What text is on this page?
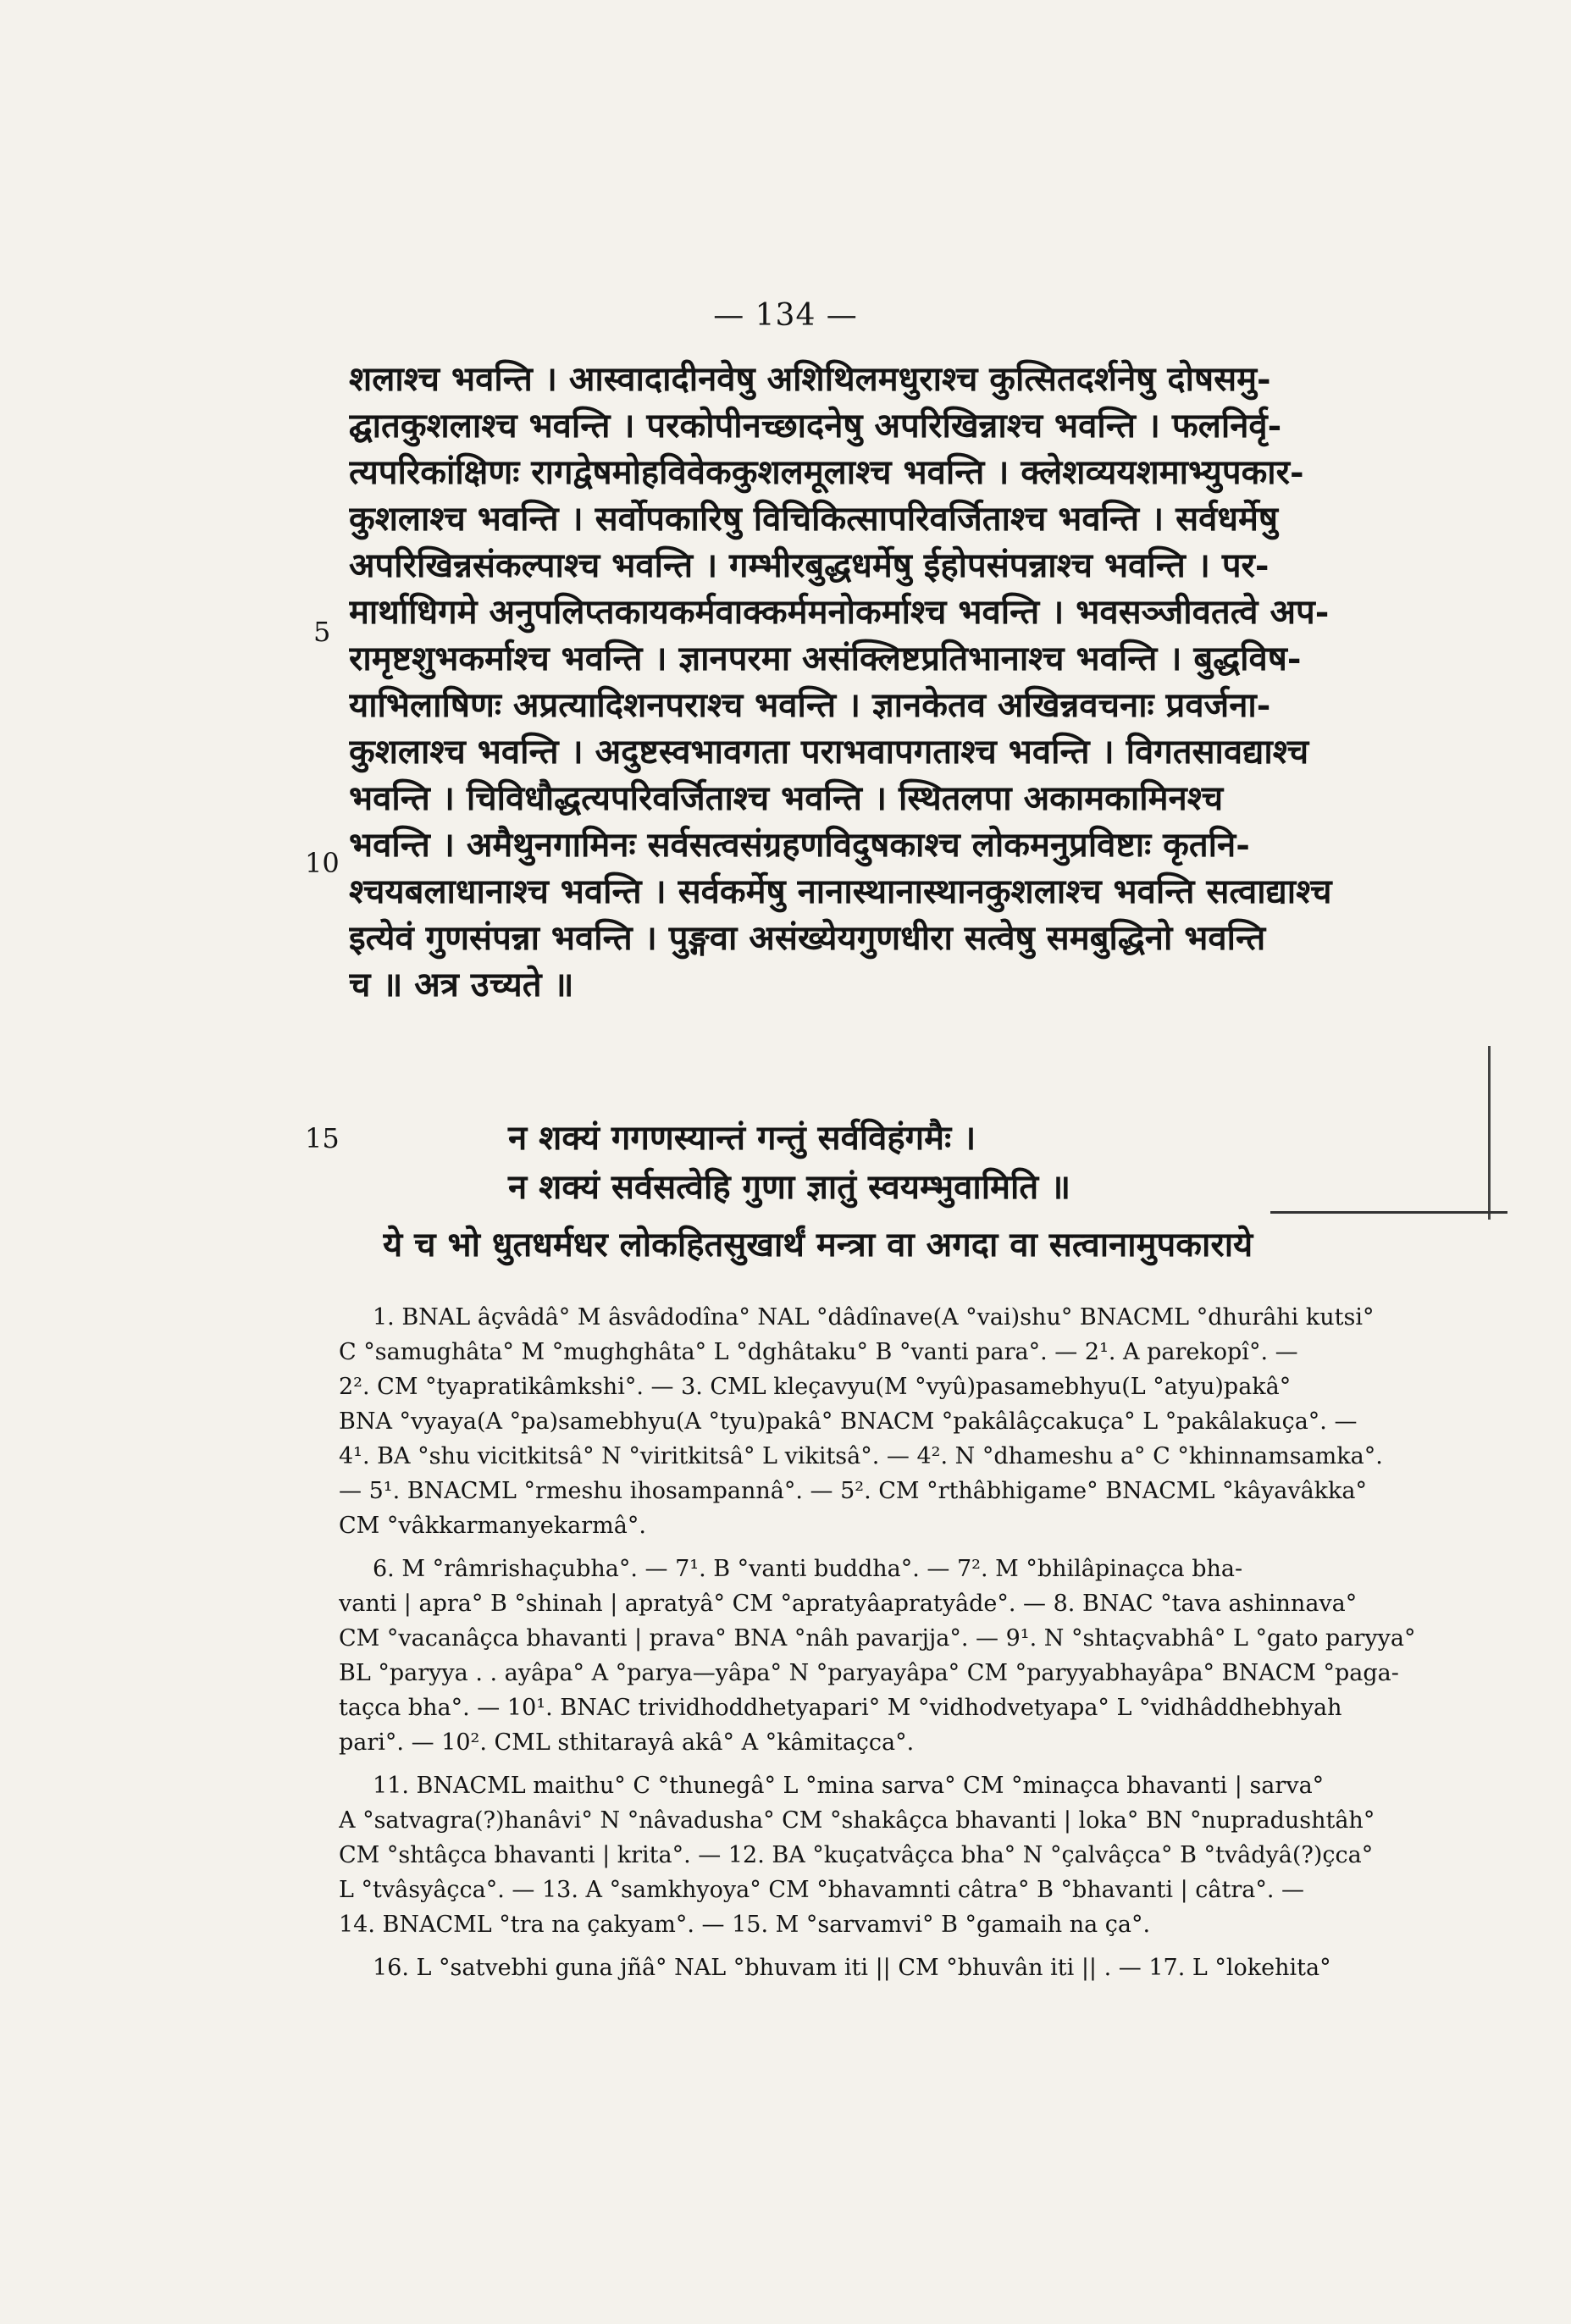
— 134 —
शलाश्च भवन्ति । आस्वादादीनवेषु अशिथिलमधुराश्च कुत्सितदर्शनेषु दोषसमु-
द्घातकुशलाश्च भवन्ति । परकोपीनच्छादनेषु अपरिखिन्नाश्च भवन्ति । फलनिर्वृ-
त्यपरिकांक्षिणः रागद्वेषमोहविवेककुशलमूलाश्च भवन्ति । क्लेशव्ययशमाभ्युपकार-
कुशलाश्च भवन्ति । सर्वोपकारिषु विचिकित्सापरिवर्जिताश्च भवन्ति । सर्वधर्मेषु
अपरिखिन्नसंकल्पाश्च भवन्ति । गम्भीरबुद्धधर्मेषु ईहोपसंपन्नाश्च भवन्ति । पर-
मार्थाधिगमे अनुपलिप्तकायकर्मवाक्कर्ममनोकर्माश्च भवन्ति । भवसञ्जीवतत्वे अप-
रामृष्टशुभकर्माश्च भवन्ति । ज्ञानपरमा असंक्लिष्टप्रतिभानाश्च भवन्ति । बुद्धविष-
याभिलाषिणः अप्रत्यादिशनपराश्च भवन्ति । ज्ञानकेतव अखिन्नवचनाः प्रवर्जना-
कुशलाश्च भवन्ति । अदुष्टस्वभावगता पराभवापगताश्च भवन्ति । विगतसावद्याश्च
भवन्ति । चिविधौद्धत्यपरिवर्जिताश्च भवन्ति । स्थितलपा अकामकामिनश्च
भवन्ति । अमैथुनगामिनः सर्वसत्वसंग्रहणविदुषकाश्च लोकमनुप्रविष्टाः कृतनि-
श्चयबलाधानाश्च भवन्ति । सर्वकर्मेषु नानास्थानास्थानकुशलाश्च भवन्ति सत्वाद्याश्च
इत्येवं गुणसंपन्ना भवन्ति । पुङ्गवा असंख्येयगुणधीरा सत्वेषु समबुद्धिनो भवन्ति
च ॥ अत्र उच्यते ॥
5
10
15	न शक्यं गगणस्यान्तं गन्तुं सर्वविहंगमैः ।
न शक्यं सर्वसत्वेहि गुणा ज्ञातुं स्वयम्भुवामिति ॥
ये च भो धुतधर्मधर लोकहितसुखार्थं मन्त्रा वा अगदा वा सत्वानामुपकाराये
1. BNAL âçvâdâ° M âsvâdodîna° NAL °dâdînave(A °vai)shu° BNACML °dhurâhi kutsi°
C °samughâta° M °mughghâta° L °dghâtaku° B °vanti para°. — 2¹. A parekopî°. —
2². CM °tyapratikâmkshi°. — 3. CML kleçavyu(M °vyû)pasamebhyu(L °atyu)pakâ°
BNA °vyaya(A °pa)samebhyu(A °tyu)pakâ° BNACM °pakâlâçcakuça° L °pakâlakuça°. —
4¹. BA °shu vicitkitsâ° N °viritkitsâ° L vikitsâ°. — 4². N °dhameshu a° C °khinnamsamka°.
— 5¹. BNACML °rmeshu ihosampannâ°. — 5². CM °rthâbhigame° BNACML °kâyavâkka°
CM °vâkkarmanyekarmâ°.
6. M °râmrishaçubha°. — 7¹. B °vanti buddha°. — 7². M °bhilâpinaçca bha-
vanti | apra° B °shinah | apratyâ° CM °apratyâapratyâde°. — 8. BNAC °tava ashinnava°
CM °vacanâçca bhavanti | prava° BNA °nâh pavarjja°. — 9¹. N °shtaçvabhâ° L °gato paryya°
BL °paryya . . ayâpa° A °parya—yâpa° N °paryayâpa° CM °paryyabhayâpa° BNACM °paga-
taçca bha°. — 10¹. BNAC trividhoddhetyapari° M °vidhodvetyapa° L °vidhâddhebhyah
pari°. — 10². CML sthitarayâ akâ° A °kâmitaçca°.
11. BNACML maithu° C °thunegâ° L °mina sarva° CM °minaçca bhavanti | sarva°
A °satvagra(?)hanâvi° N °nâvadusha° CM °shakâçca bhavanti | loka° BN °nupradushtâh°
CM °shtâçca bhavanti | krita°. — 12. BA °kuçatvâçca bha° N °çalvâçca° B °tvâdyâ(?)çca°
L °tvâsyâçca°. — 13. A °samkhyoya° CM °bhavamnti câtra° B °bhavanti | câtra°. —
14. BNACML °tra na çakyam°. — 15. M °sarvamvi° B °gamaih na ça°.
16. L °satvebhi guna jñâ° NAL °bhuvam iti || CM °bhuvân iti || . — 17. L °lokehita°
